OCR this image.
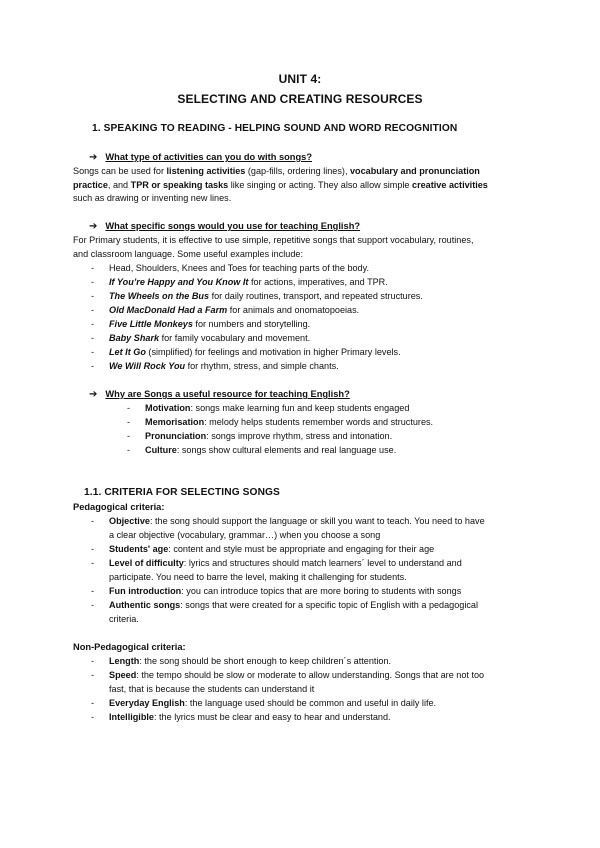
UNIT 4:
SELECTING AND CREATING RESOURCES
1. SPEAKING TO READING - HELPING SOUND AND WORD RECOGNITION
➔ What type of activities can you do with songs?
Songs can be used for listening activities (gap-fills, ordering lines), vocabulary and pronunciation
practice, and TPR or speaking tasks like singing or acting. They also allow simple creative activities
such as drawing or inventing new lines.
➔ What specific songs would you use for teaching English?
For Primary students, it is effective to use simple, repetitive songs that support vocabulary, routines,
and classroom language. Some useful examples include:
- Head, Shoulders, Knees and Toes for teaching parts of the body.
- If You’re Happy and You Know It for actions, imperatives, and TPR.
- The Wheels on the Bus for daily routines, transport, and repeated structures.
- Old MacDonald Had a Farm for animals and onomatopoeias.
- Five Little Monkeys for numbers and storytelling.
- Baby Shark for family vocabulary and movement.
- Let It Go (simplified) for feelings and motivation in higher Primary levels.
- We Will Rock You for rhythm, stress, and simple chants.
➔ Why are Songs a useful resource for teaching English?
- Motivation: songs make learning fun and keep students engaged
- Memorisation: melody helps students remember words and structures.
- Pronunciation: songs improve rhythm, stress and intonation.
- Culture: songs show cultural elements and real language use.
1.1. CRITERIA FOR SELECTING SONGS
Pedagogical criteria:
- Objective: the song should support the language or skill you want to teach. You need to have
a clear objective (vocabulary, grammar…) when you choose a song
- Students' age: content and style must be appropriate and engaging for their age
- Level of difficulty: lyrics and structures should match learners´ level to understand and
participate. You need to barre the level, making it challenging for students.
- Fun introduction: you can introduce topics that are more boring to students with songs
- Authentic songs: songs that were created for a specific topic of English with a pedagogical
criteria.
Non-Pedagogical criteria:
- Length: the song should be short enough to keep children´s attention.
- Speed: the tempo should be slow or moderate to allow understanding. Songs that are not too
fast, that is because the students can understand it
- Everyday English: the language used should be common and useful in daily life.
- Intelligible: the lyrics must be clear and easy to hear and understand.
